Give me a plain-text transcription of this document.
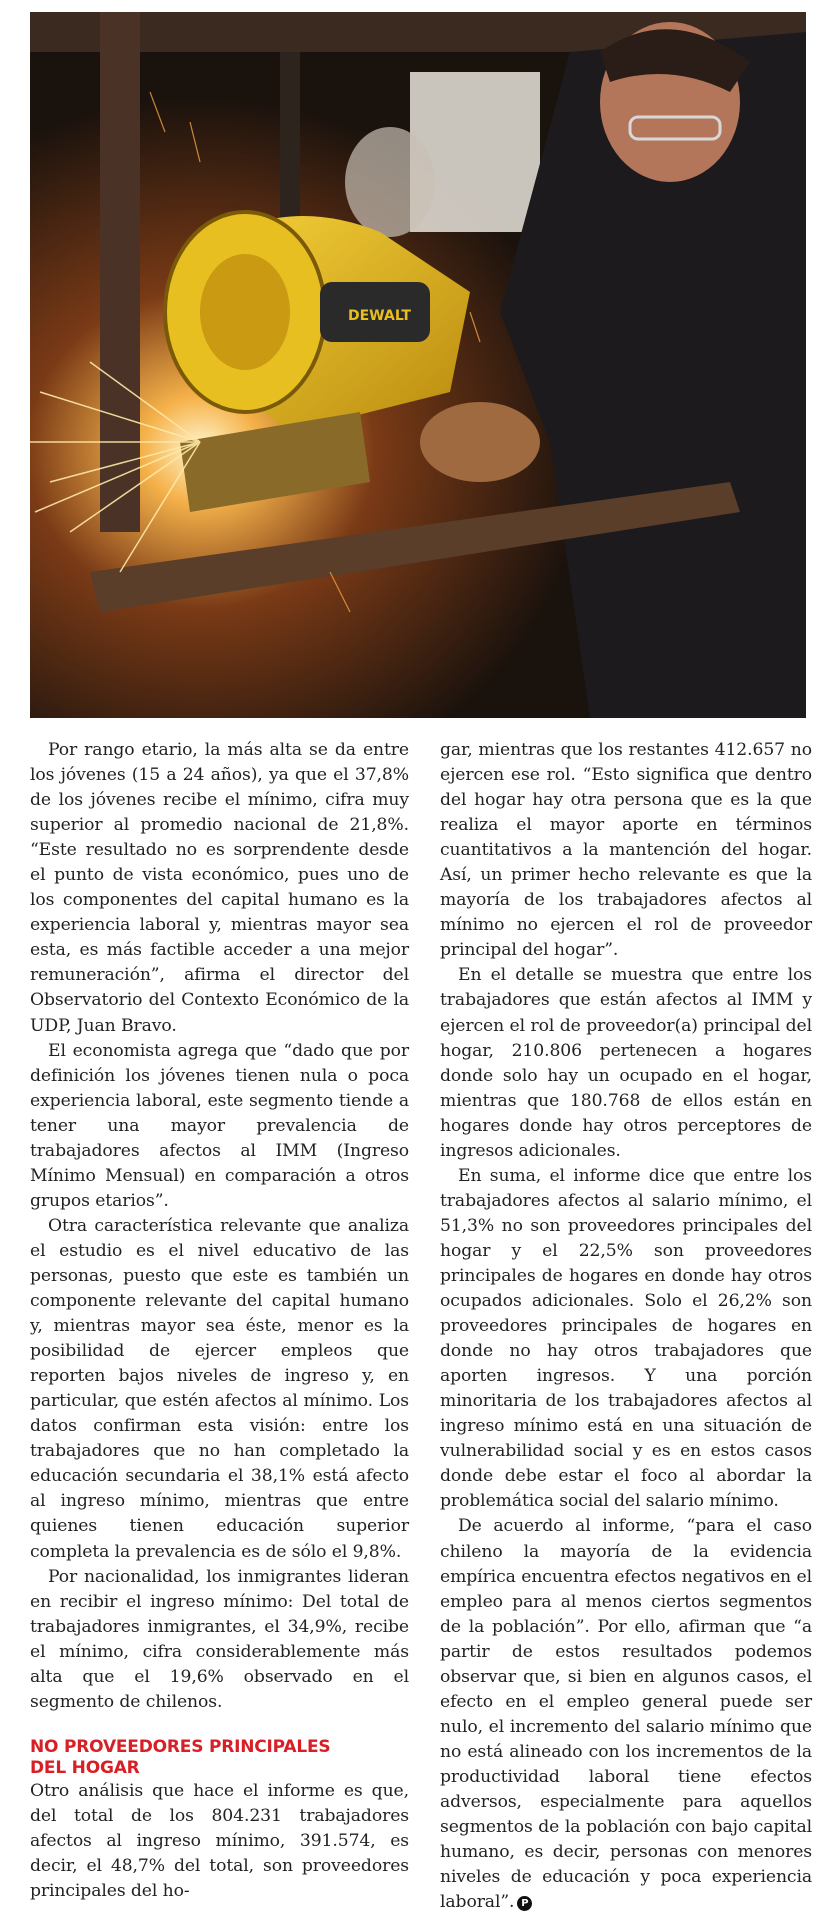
DEWALT

Por rango etario, la más alta se da entre los jóvenes (15 a 24 años), ya que el 37,8% de los jóvenes recibe el mínimo, cifra muy superior al promedio nacional de 21,8%. “Este resultado no es sorprendente desde el punto de vista económico, pues uno de los componentes del capital humano es la experiencia laboral y, mientras mayor sea esta, es más factible acceder a una mejor remuneración”, afirma el director del Observatorio del Contexto Económico de la UDP, Juan Bravo.

El economista agrega que “dado que por definición los jóvenes tienen nula o poca experiencia laboral, este segmento tiende a tener una mayor prevalencia de trabajadores afectos al IMM (Ingreso Mínimo Mensual) en comparación a otros grupos etarios”.

Otra característica relevante que analiza el estudio es el nivel educativo de las personas, puesto que este es también un componente relevante del capital humano y, mientras mayor sea éste, menor es la posibilidad de ejercer empleos que reporten bajos niveles de ingreso y, en particular, que estén afectos al mínimo. Los datos confirman esta visión: entre los trabajadores que no han completado la educación secundaria el 38,1% está afecto al ingreso mínimo, mientras que entre quienes tienen educación superior completa la prevalencia es de sólo el 9,8%.

Por nacionalidad, los inmigrantes lideran en recibir el ingreso mínimo: Del total de trabajadores inmigrantes, el 34,9%, recibe el mínimo, cifra considerablemente más alta que el 19,6% observado en el segmento de chilenos.

NO PROVEEDORES PRINCIPALES
DEL HOGAR

Otro análisis que hace el informe es que, del total de los 804.231 trabajadores afectos al ingreso mínimo, 391.574, es decir, el 48,7% del total, son proveedores principales del ho-

gar, mientras que los restantes 412.657 no ejercen ese rol. “Esto significa que dentro del hogar hay otra persona que es la que realiza el mayor aporte en términos cuantitativos a la mantención del hogar. Así, un primer hecho relevante es que la mayoría de los trabajadores afectos al mínimo no ejercen el rol de proveedor principal del hogar”.

En el detalle se muestra que entre los trabajadores que están afectos al IMM y ejercen el rol de proveedor(a) principal del hogar, 210.806 pertenecen a hogares donde solo hay un ocupado en el hogar, mientras que 180.768 de ellos están en hogares donde hay otros perceptores de ingresos adicionales.

En suma, el informe dice que entre los trabajadores afectos al salario mínimo, el 51,3% no son proveedores principales del hogar y el 22,5% son proveedores principales de hogares en donde hay otros ocupados adicionales. Solo el 26,2% son proveedores principales de hogares en donde no hay otros trabajadores que aporten ingresos. Y una porción minoritaria de los trabajadores afectos al ingreso mínimo está en una situación de vulnerabilidad social y es en estos casos donde debe estar el foco al abordar la problemática social del salario mínimo.

De acuerdo al informe, “para el caso chileno la mayoría de la evidencia empírica encuentra efectos negativos en el empleo para al menos ciertos segmentos de la población”. Por ello, afirman que “a partir de estos resultados podemos observar que, si bien en algunos casos, el efecto en el empleo general puede ser nulo, el incremento del salario mínimo que no está alineado con los incrementos de la productividad laboral tiene efectos adversos, especialmente para aquellos segmentos de la población con bajo capital humano, es decir, personas con menores niveles de educación y poca experiencia laboral”. P
